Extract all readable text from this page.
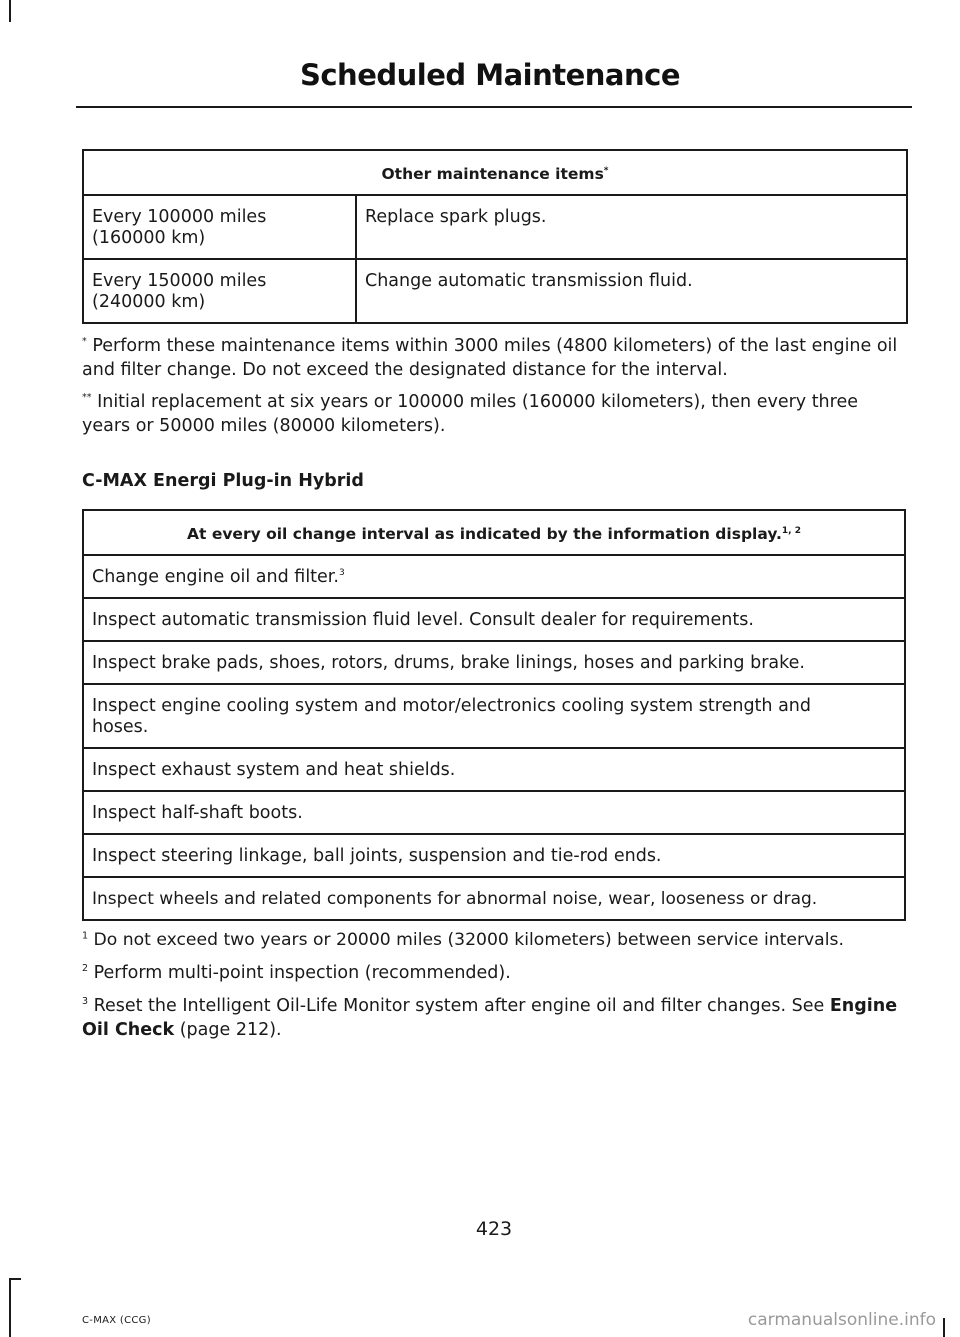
Scheduled Maintenance
Other maintenance items*
Every 100000 miles (160000 km)	Replace spark plugs.
Every 150000 miles (240000 km)	Change automatic transmission fluid.

* Perform these maintenance items within 3000 miles (4800 kilometers) of the last engine oil and filter change. Do not exceed the designated distance for the interval.

** Initial replacement at six years or 100000 miles (160000 kilometers), then every three years or 50000 miles (80000 kilometers).

C-MAX Energi Plug-in Hybrid

At every oil change interval as indicated by the information display.$^{1, 2}$
Change engine oil and filter.$^3$
Inspect automatic transmission fluid level. Consult dealer for requirements.
Inspect brake pads, shoes, rotors, drums, brake linings, hoses and parking brake.
Inspect engine cooling system and motor/electronics cooling system strength and hoses.
Inspect exhaust system and heat shields.
Inspect half-shaft boots.
Inspect steering linkage, ball joints, suspension and tie-rod ends.
Inspect wheels and related components for abnormal noise, wear, looseness or drag.

$^1$ Do not exceed two years or 20000 miles (32000 kilometers) between service intervals.

$^2$ Perform multi-point inspection (recommended).

$^3$ Reset the Intelligent Oil-Life Monitor system after engine oil and filter changes. See Engine Oil Check (page 212).

423
C-MAX (CCG)	carmanualsonline.info
